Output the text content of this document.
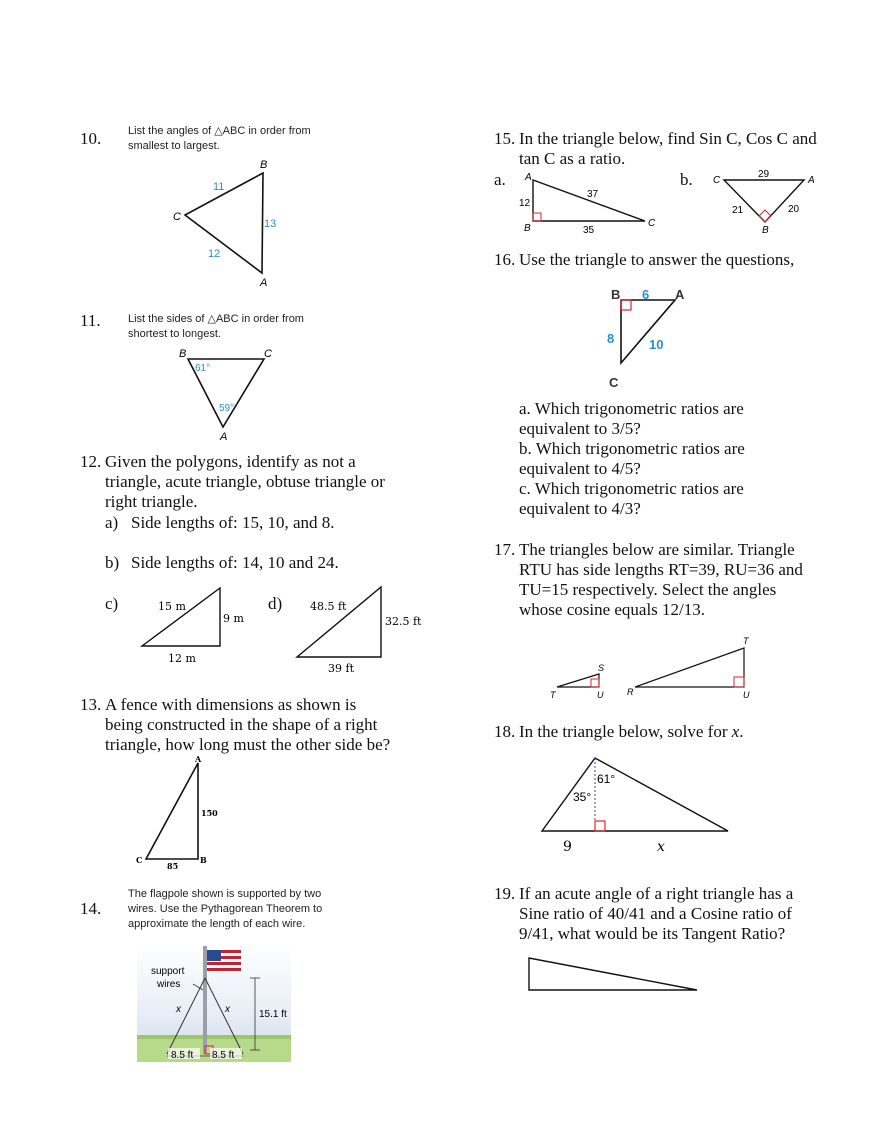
10. List the angles of △ABC in order from
smallest to largest.
B
C
A
11
13
12
11. List the sides of △ABC in order from
shortest to longest.
B	C
A
61°
59°
12. Given the polygons, identify as not a
triangle, acute triangle, obtuse triangle or
right triangle.
a) Side lengths of: 15, 10, and 8.
b) Side lengths of: 14, 10 and 24.
c)	15 m
9 m
12 m
d)	48.5 ft
32.5 ft
39 ft
13. A fence with dimensions as shown is
being constructed in the shape of a right
triangle, how long must the other side be?
A
B
C
150
85
14.
The flagpole shown is supported by two
wires. Use the Pythagorean Theorem to
approximate the length of each wire.
support
wires
x	x	15.1 ft
8.5 ft 8.5 ft
15. In the triangle below, find Sin C, Cos C and
tan C as a ratio.
a. A
B	C
37
12
35
b. C	A
B
29
21	20
16. Use the triangle to answer the questions,
B	A
C
6
8	10
a. Which trigonometric ratios are
equivalent to 3/5?
b. Which trigonometric ratios are
equivalent to 4/5?
c. Which trigonometric ratios are
equivalent to 4/3?
17. The triangles below are similar. Triangle
RTU has side lengths RT=39, RU=36 and
TU=15 respectively. Select the angles
whose cosine equals 12/13.
T
S
U	R
T
U
18. In the triangle below, solve for x.
61°
35°
9	x
19. If an acute angle of a right triangle has a
Sine ratio of 40/41 and a Cosine ratio of
9/41, what would be its Tangent Ratio?
